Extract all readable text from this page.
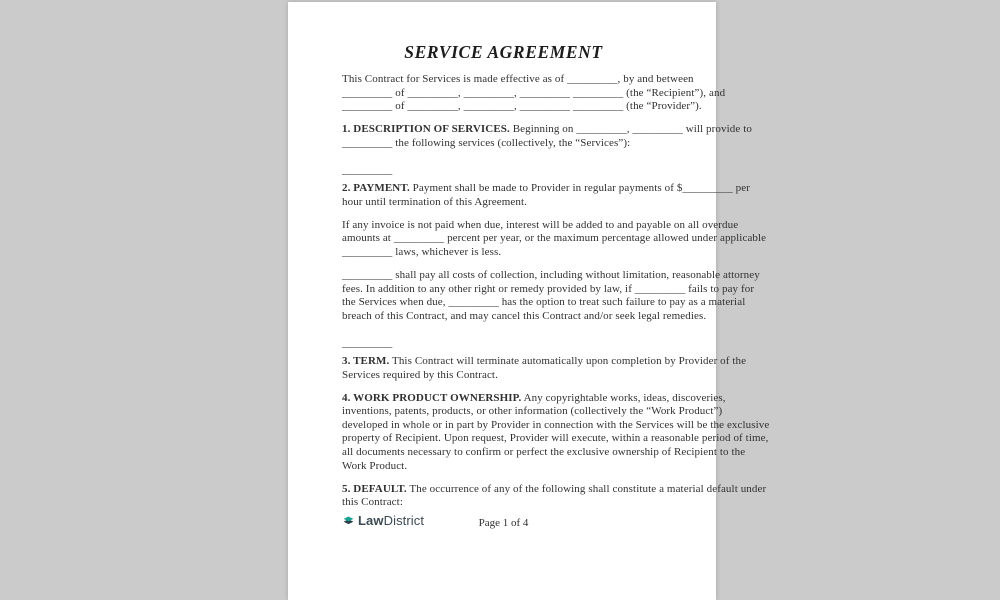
SERVICE AGREEMENT
This Contract for Services is made effective as of _________, by and between
_________ of _________, _________, _________ _________ (the “Recipient”), and
_________ of _________, _________, _________ _________ (the “Provider”).
1. DESCRIPTION OF SERVICES. Beginning on _________, _________ will provide to
_________ the following services (collectively, the “Services”):
_________
2. PAYMENT. Payment shall be made to Provider in regular payments of $_________ per
hour until termination of this Agreement.
If any invoice is not paid when due, interest will be added to and payable on all overdue
amounts at _________ percent per year, or the maximum percentage allowed under applicable
_________ laws, whichever is less.
_________ shall pay all costs of collection, including without limitation, reasonable attorney
fees. In addition to any other right or remedy provided by law, if _________ fails to pay for
the Services when due, _________ has the option to treat such failure to pay as a material
breach of this Contract, and may cancel this Contract and/or seek legal remedies.
_________
3. TERM. This Contract will terminate automatically upon completion by Provider of the
Services required by this Contract.
4. WORK PRODUCT OWNERSHIP. Any copyrightable works, ideas, discoveries,
inventions, patents, products, or other information (collectively the “Work Product”)
developed in whole or in part by Provider in connection with the Services will be the exclusive
property of Recipient. Upon request, Provider will execute, within a reasonable period of time,
all documents necessary to confirm or perfect the exclusive ownership of Recipient to the
Work Product.
5. DEFAULT. The occurrence of any of the following shall constitute a material default under
this Contract:
Page 1 of 4
Law District
